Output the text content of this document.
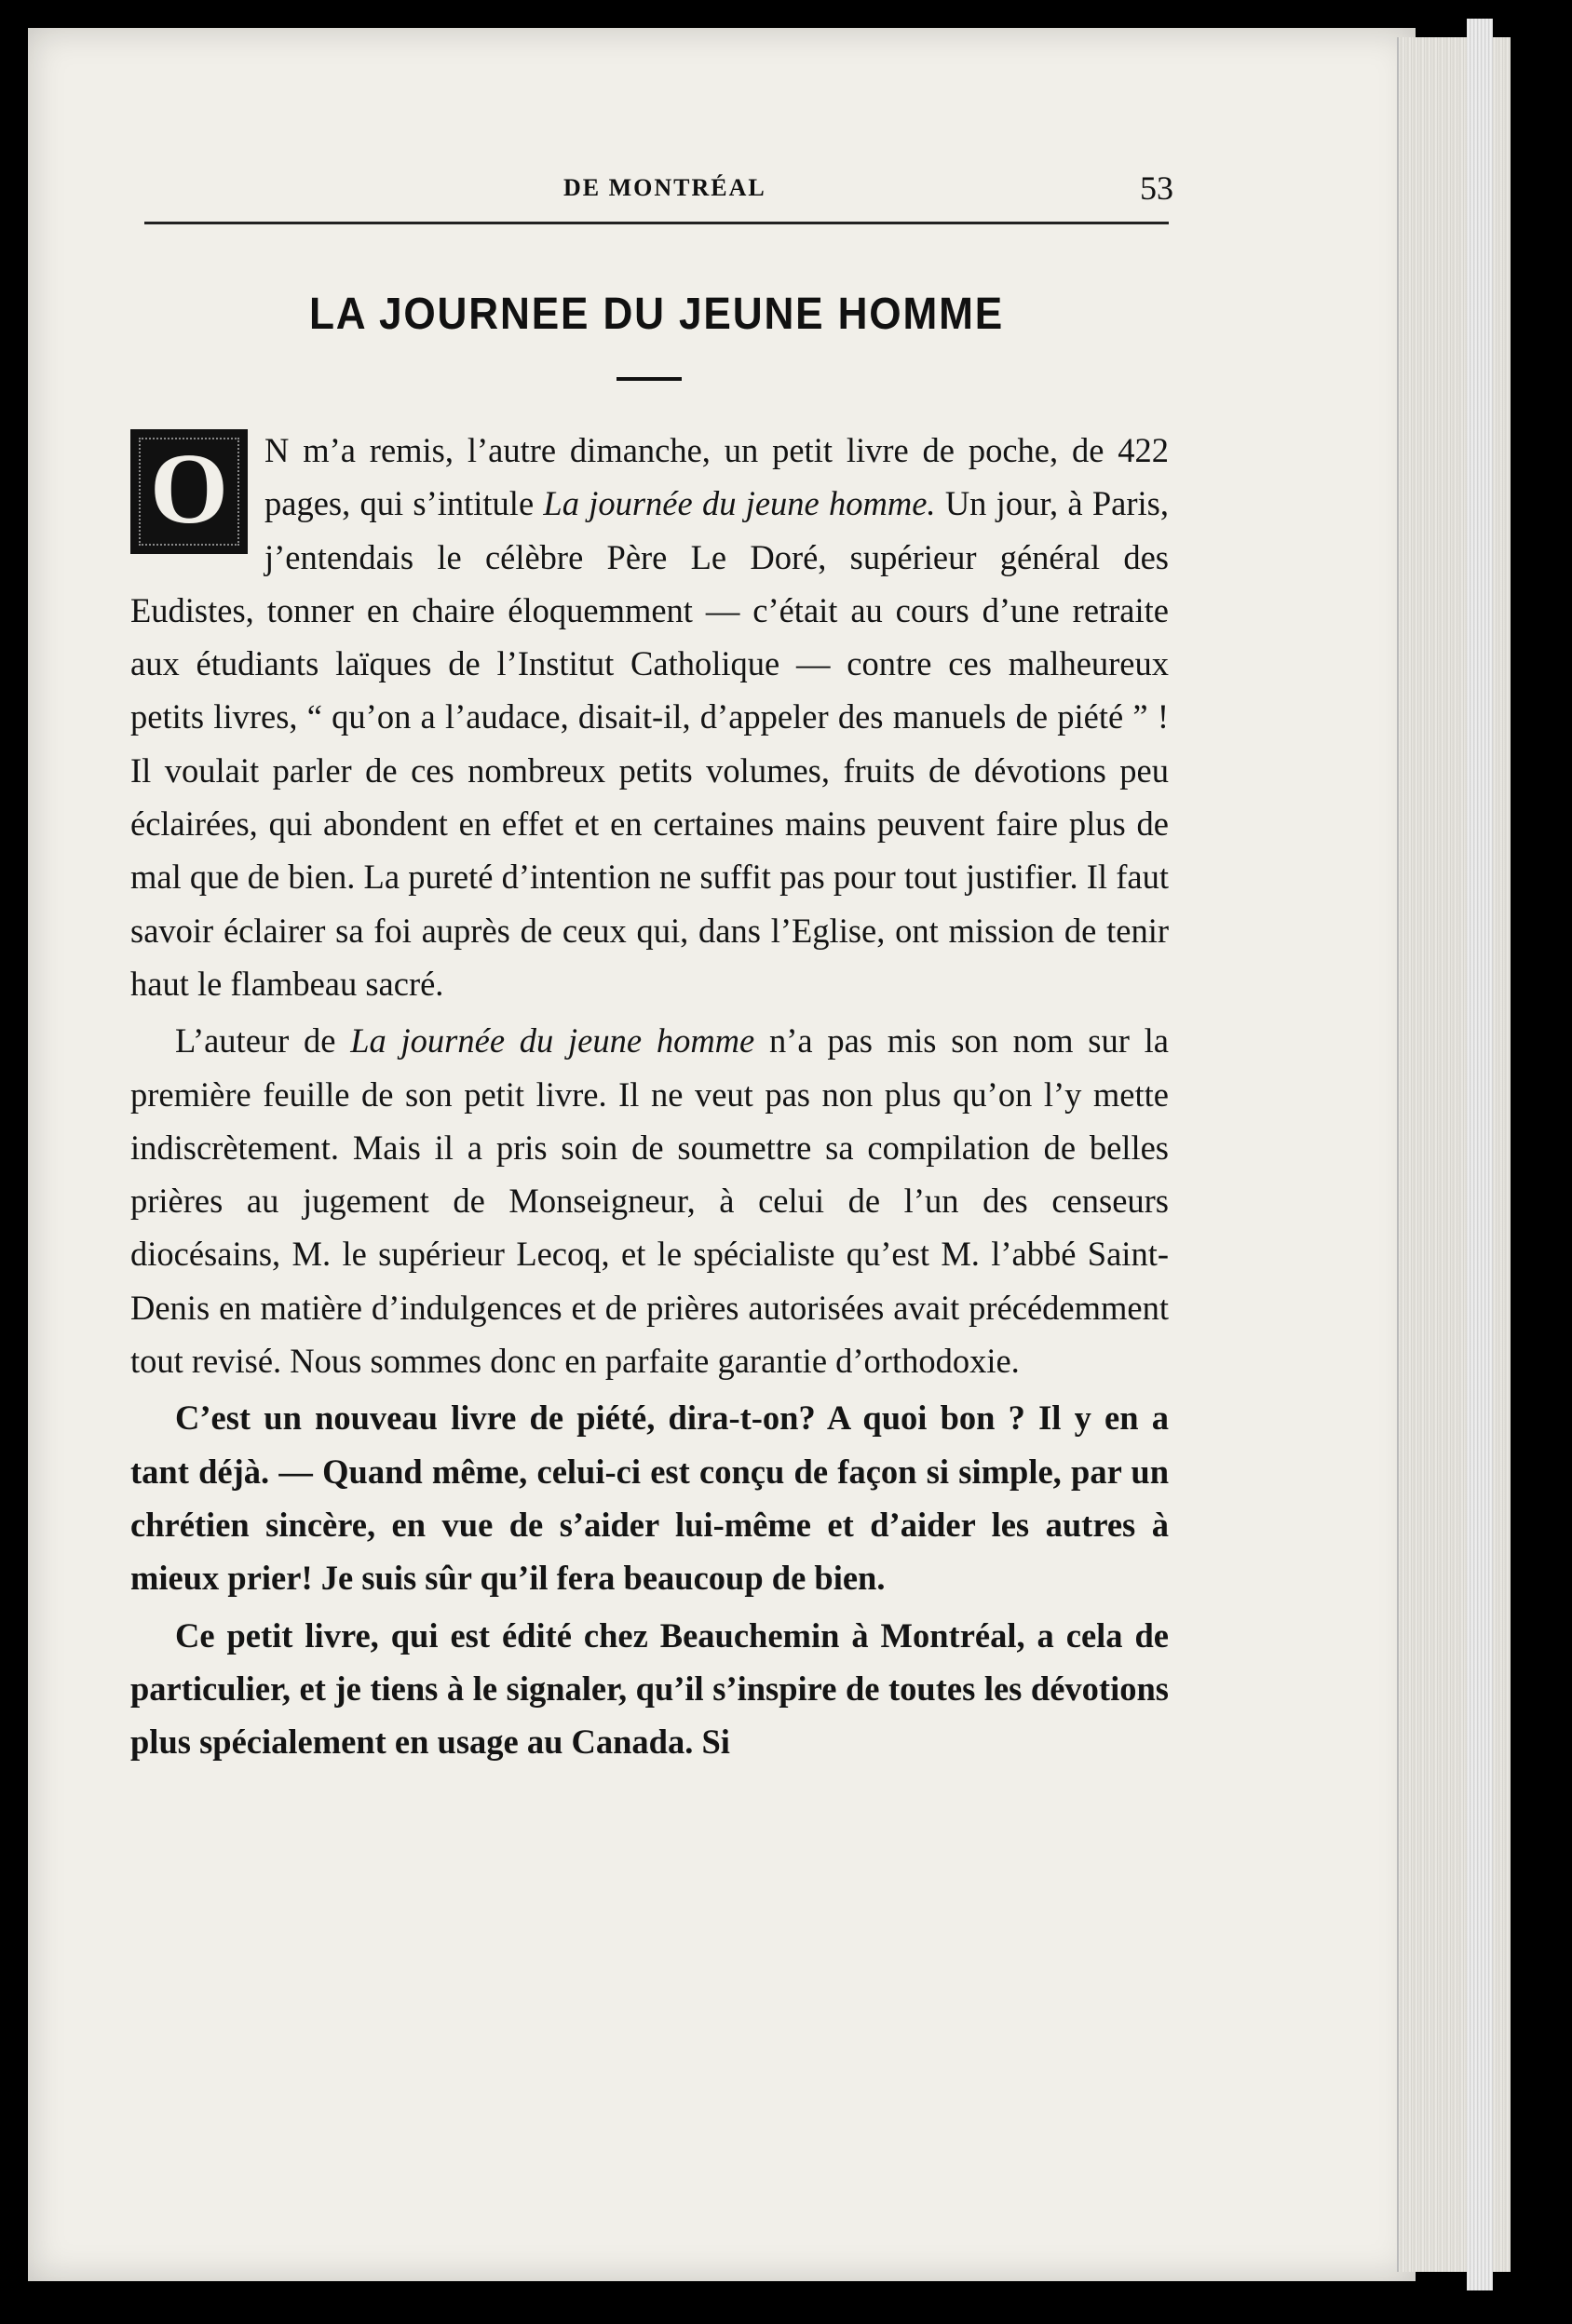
DE MONTRÉAL	53
LA JOURNEE DU JEUNE HOMME

O	N m’a remis, l’autre dimanche, un petit livre de poche, de 422 pages, qui s’intitule La journée du jeune homme. Un jour, à Paris, j’entendais le célèbre Père Le Doré, supérieur général des Eudistes, tonner en chaire éloquemment — c’était au cours d’une retraite aux étudiants laïques de l’Institut Catholique — contre ces malheureux petits livres, “ qu’on a l’audace, disait-il, d’appeler des manuels de piété ” ! Il voulait parler de ces nombreux petits volumes, fruits de dévotions peu éclairées, qui abondent en effet et en certaines mains peuvent faire plus de mal que de bien. La pureté d’intention ne suffit pas pour tout justifier. Il faut savoir éclairer sa foi auprès de ceux qui, dans l’Eglise, ont mission de tenir haut le flambeau sacré.

L’auteur de La journée du jeune homme n’a pas mis son nom sur la première feuille de son petit livre. Il ne veut pas non plus qu’on l’y mette indiscrètement. Mais il a pris soin de soumettre sa compilation de belles prières au jugement de Monseigneur, à celui de l’un des censeurs diocésains, M. le supérieur Lecoq, et le spécialiste qu’est M. l’abbé Saint-Denis en matière d’indulgences et de prières autorisées avait précédemment tout revisé. Nous sommes donc en parfaite garantie d’orthodoxie.

C’est un nouveau livre de piété, dira-t-on? A quoi bon ? Il y en a tant déjà. — Quand même, celui-ci est conçu de façon si simple, par un chrétien sincère, en vue de s’aider lui-même et d’aider les autres à mieux prier! Je suis sûr qu’il fera beaucoup de bien.

Ce petit livre, qui est édité chez Beauchemin à Montréal, a cela de particulier, et je tiens à le signaler, qu’il s’inspire de toutes les dévotions plus spécialement en usage au Canada. Si
